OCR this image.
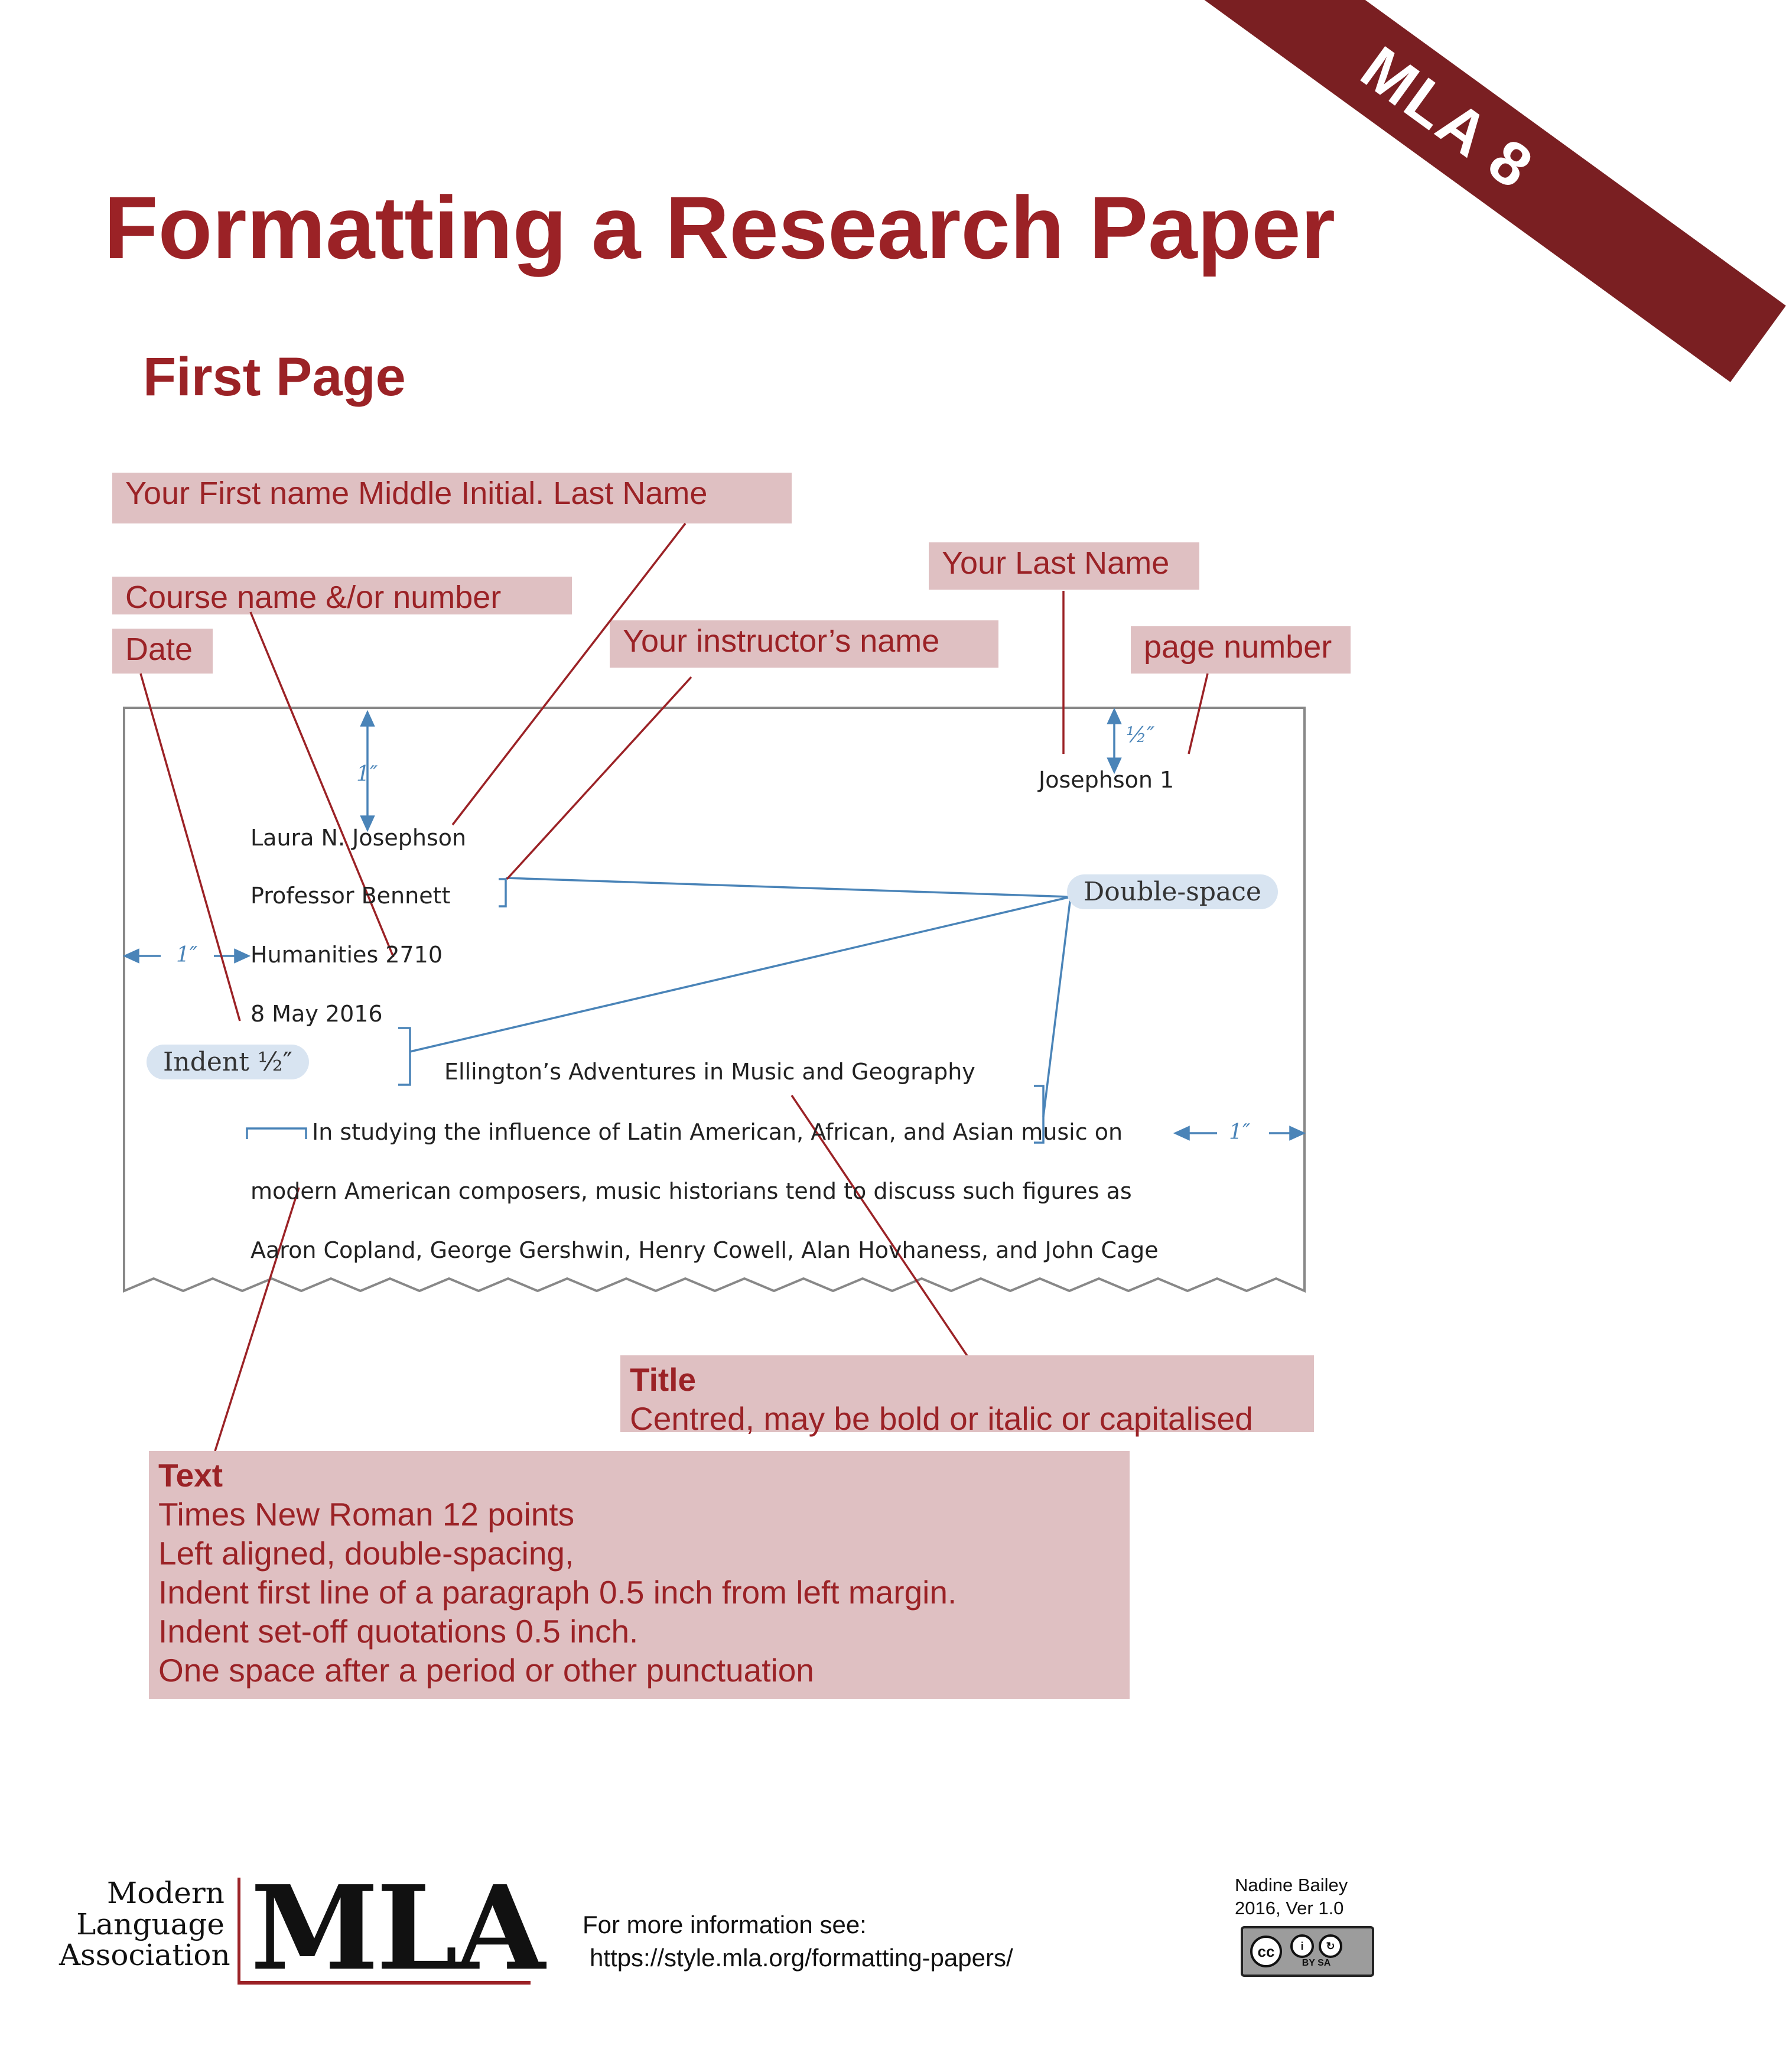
MLA 8
Formatting a Research Paper
First Page
Your First name Middle Initial. Last Name
Your Last Name
Course name &/or number
Your instructor’s name
Date	page number
1″
½″
1″
1″
Josephson 1
Laura N. Josephson
Professor Bennett
Humanities 2710
8 May 2016
Ellington’s Adventures in Music and Geography
In studying the influence of Latin American, African, and Asian music on
modern American composers, music historians tend to discuss such figures as
Aaron Copland, George Gershwin, Henry Cowell, Alan Hovhaness, and John Cage
Double-space
Indent ½″
Title
Centred, may be bold or italic or capitalised
Text
Times New Roman 12 points
Left aligned, double-spacing,
Indent first line of a paragraph 0.5 inch from left margin.
Indent set-off quotations 0.5 inch.
One space after a period or other punctuation
Modern
Language
Association MLA For more information see:
https://style.mla.org/formatting-papers/
Nadine Bailey
2016, Ver 1.0
cc	i	↻
BY SA
